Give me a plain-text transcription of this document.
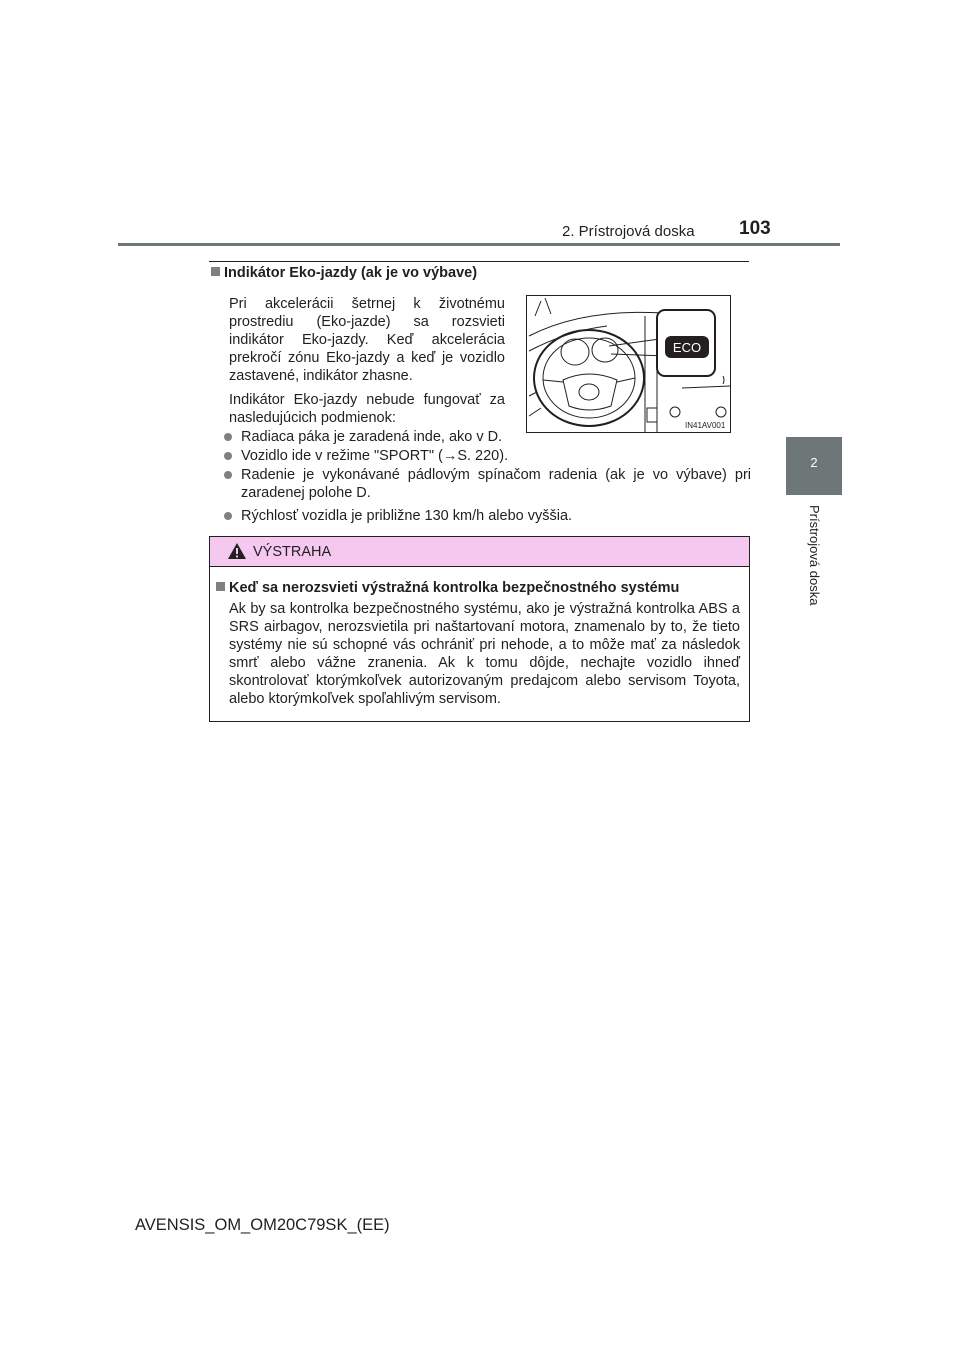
2. Prístrojová doska 103
2
Prístrojová doska
Indikátor Eko-jazdy (ak je vo výbave)
Pri akcelerácii šetrnej k životnému prostrediu (Eko-jazde) sa rozsvieti indikátor Eko-jazdy. Keď akcelerácia prekročí zónu Eko-jazdy a keď je vozidlo zastavené, indikátor zhasne.
Indikátor Eko-jazdy nebude fungovať za nasledujúcich podmienok:
Radiaca páka je zaradená inde, ako v D.
Vozidlo ide v režime "SPORT" (→S. 220).
Radenie je vykonávané pádlovým spínačom radenia (ak je vo výbave) pri zaradenej polohe D.
Rýchlosť vozidla je približne 130 km/h alebo vyššia.
ECO
IN41AV001
VÝSTRAHA
Keď sa nerozsvieti výstražná kontrolka bezpečnostného systému
Ak by sa kontrolka bezpečnostného systému, ako je výstražná kontrolka ABS a SRS airbagov, nerozsvietila pri naštartovaní motora, znamenalo by to, že tieto systémy nie sú schopné vás ochrániť pri nehode, a to môže mať za následok smrť alebo vážne zranenia. Ak k tomu dôjde, nechajte vozidlo ihneď skontrolovať ktorýmkoľvek autorizovaným predajcom alebo servisom Toyota, alebo ktorýmkoľvek spoľahlivým servisom.
AVENSIS_OM_OM20C79SK_(EE)
